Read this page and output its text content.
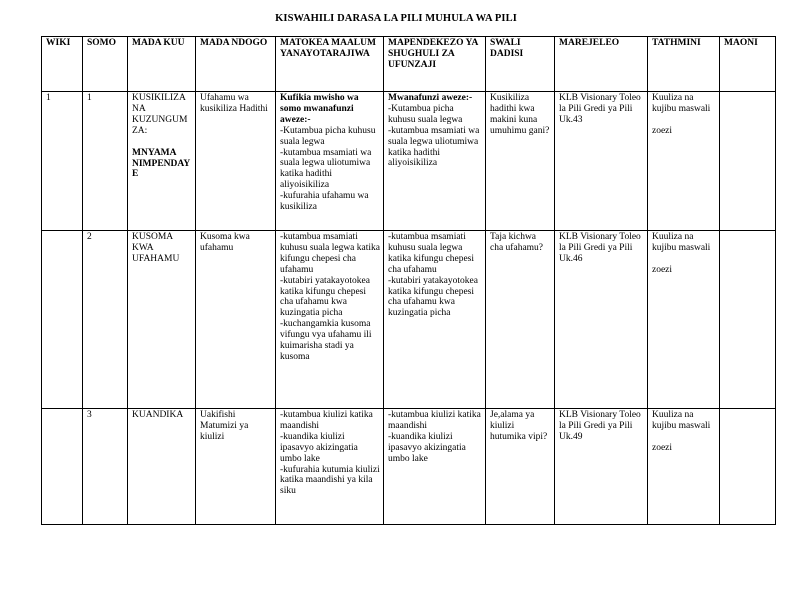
KISWAHILI DARASA LA PILI MUHULA WA PILI
WIKI	SOMO	MADA KUU	MADA NDOGO	MATOKEA MAALUM YANAYOTARAJIWA	MAPENDEKEZO YA SHUGHULI ZA UFUNZAJI	SWALI DADISI	MAREJELEO	TATHMINI	MAONI
1	1	KUSIKILIZA NA KUZUNGUMZA:
MNYAMA NIMPENDAYE	Ufahamu wa kusikiliza Hadithi	Kufikia mwisho wa somo mwanafunzi aweze:-
-Kutambua picha kuhusu suala legwa
-kutambua msamiati wa suala legwa uliotumiwa katika hadithi aliyoisikiliza
-kufurahia ufahamu wa kusikiliza	Mwanafunzi aweze:-
-Kutambua picha kuhusu suala legwa
-kutambua msamiati wa suala legwa uliotumiwa katika hadithi aliyoisikiliza	Kusikiliza hadithi kwa makini kuna umuhimu gani?	KLB Visionary Toleo la Pili Gredi ya Pili Uk.43	Kuuliza na kujibu maswali
zoezi	

	2	KUSOMA KWA UFAHAMU	Kusoma kwa ufahamu	-kutambua msamiati kuhusu suala legwa katika kifungu chepesi cha ufahamu
-kutabiri yatakayotokea katika kifungu chepesi cha ufahamu kwa kuzingatia picha
-kuchangamkia kusoma vifungu vya ufahamu ili kuimarisha stadi ya kusoma	-kutambua msamiati kuhusu suala legwa katika kifungu chepesi cha ufahamu
-kutabiri yatakayotokea katika kifungu chepesi cha ufahamu kwa kuzingatia picha	Taja kichwa cha ufahamu?	KLB Visionary Toleo la Pili Gredi ya Pili Uk.46	Kuuliza na kujibu maswali
zoezi	

	3	KUANDIKA	Uakifishi Matumizi ya kiulizi	-kutambua kiulizi katika maandishi
-kuandika kiulizi ipasavyo akizingatia umbo lake
-kufurahia kutumia kiulizi katika maandishi ya kila siku	-kutambua kiulizi katika maandishi
-kuandika kiulizi ipasavyo akizingatia umbo lake	Je,alama ya kiulizi hutumika vipi?	KLB Visionary Toleo la Pili Gredi ya Pili Uk.49	Kuuliza na kujibu maswali
zoezi	
